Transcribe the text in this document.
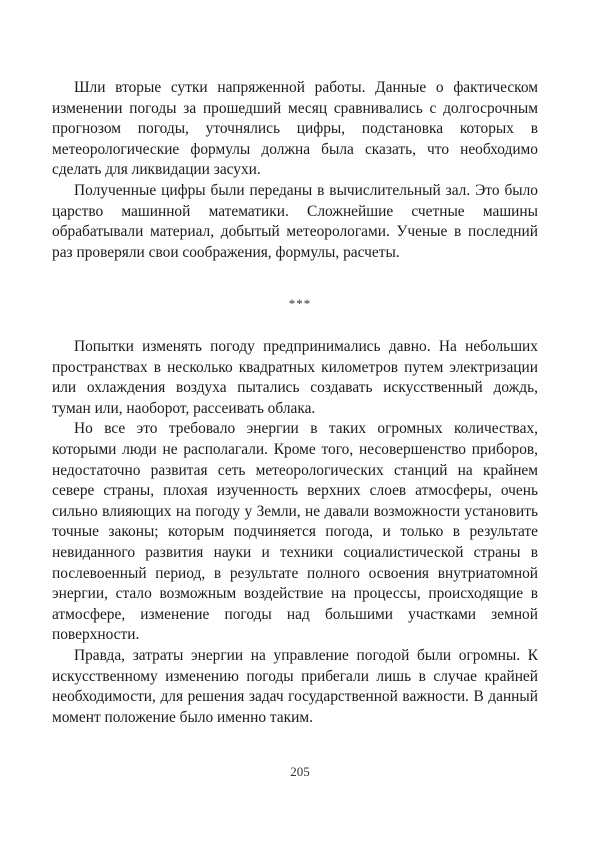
Шли вторые сутки напряженной работы. Данные о фактическом изменении погоды за прошедший месяц сравнивались с долгосрочным прогнозом погоды, уточнялись цифры, подстановка которых в метеорологические формулы должна была сказать, что необходимо сделать для ликвидации засухи.

Полученные цифры были переданы в вычислительный зал. Это было царство машинной математики. Сложнейшие счетные машины обрабатывали материал, добытый метеорологами. Ученые в последний раз проверяли свои соображения, формулы, расчеты.

***

Попытки изменять погоду предпринимались давно. На небольших пространствах в несколько квадратных километров путем электризации или охлаждения воздуха пытались создавать искусственный дождь, туман или, наоборот, рассеивать облака.

Но все это требовало энергии в таких огромных количествах, которыми люди не располагали. Кроме того, несовершенство приборов, недостаточно развитая сеть метеорологических станций на крайнем севере страны, плохая изученность верхних слоев атмосферы, очень сильно влияющих на погоду у Земли, не давали возможности установить точные законы; которым подчиняется погода, и только в результате невиданного развития науки и техники социалистической страны в послевоенный период, в результате полного освоения внутриатомной энергии, стало возможным воздействие на процессы, происходящие в атмосфере, изменение погоды над большими участками земной поверхности.

Правда, затраты энергии на управление погодой были огромны. К искусственному изменению погоды прибегали лишь в случае крайней необходимости, для решения задач государственной важности. В данный момент положение было именно таким.

205
